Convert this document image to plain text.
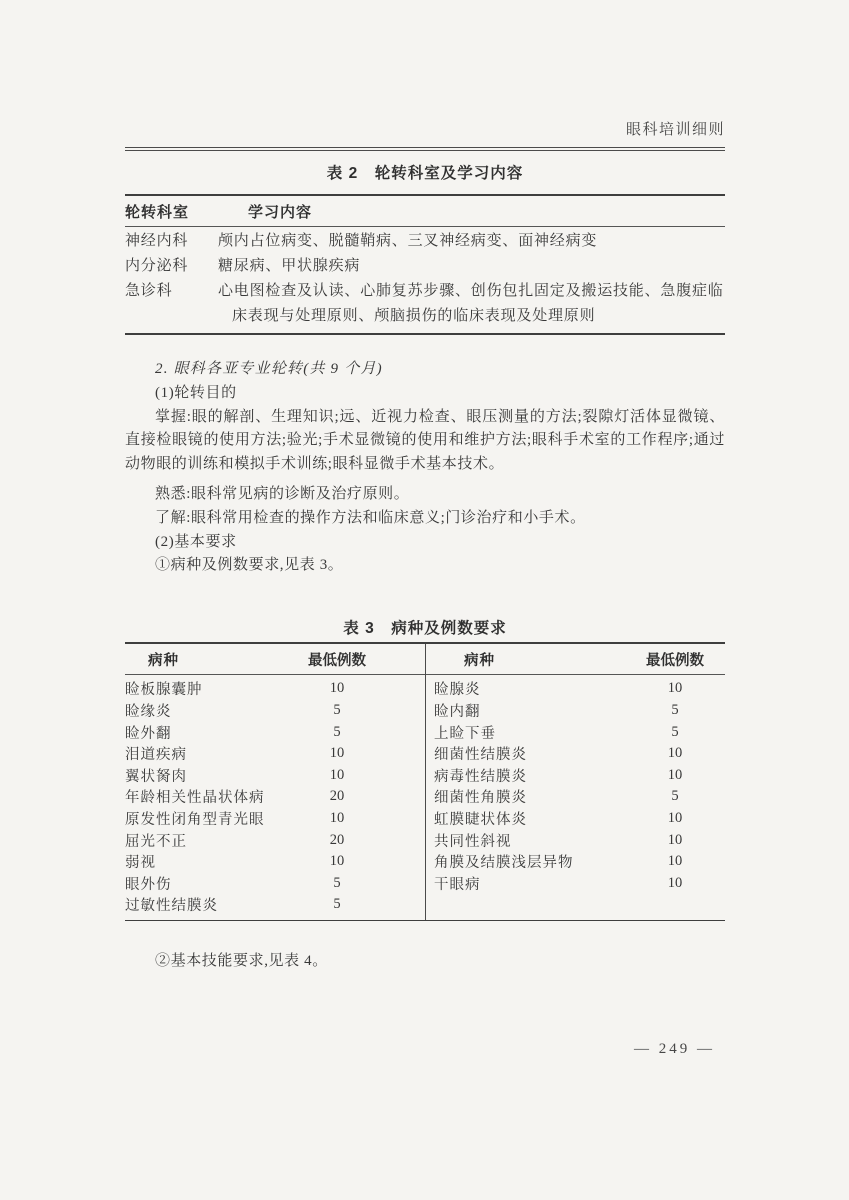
眼科培训细则
表 2　轮转科室及学习内容
轮转科室	学习内容
神经内科	颅内占位病变、脱髓鞘病、三叉神经病变、面神经病变
内分泌科	糖尿病、甲状腺疾病
急诊科	心电图检查及认读、心肺复苏步骤、创伤包扎固定及搬运技能、急腹症临床表现与处理原则、颅脑损伤的临床表现及处理原则

2. 眼科各亚专业轮转(共 9 个月)

(1)轮转目的

掌握:眼的解剖、生理知识;远、近视力检查、眼压测量的方法;裂隙灯活体显微镜、直接检眼镜的使用方法;验光;手术显微镜的使用和维护方法;眼科手术室的工作程序;通过动物眼的训练和模拟手术训练;眼科显微手术基本技术。

熟悉:眼科常见病的诊断及治疗原则。

了解:眼科常用检查的操作方法和临床意义;门诊治疗和小手术。

(2)基本要求

①病种及例数要求,见表 3。

表 3　病种及例数要求
病种	最低例数
睑板腺囊肿	10
睑缘炎	5
睑外翻	5
泪道疾病	10
翼状胬肉	10
年龄相关性晶状体病	20
原发性闭角型青光眼	10
屈光不正	20
弱视	10
眼外伤	5
过敏性结膜炎	5
病种	最低例数
睑腺炎	10
睑内翻	5
上睑下垂	5
细菌性结膜炎	10
病毒性结膜炎	10
细菌性角膜炎	5
虹膜睫状体炎	10
共同性斜视	10
角膜及结膜浅层异物	10
干眼病	10

②基本技能要求,见表 4。

— 249 —
